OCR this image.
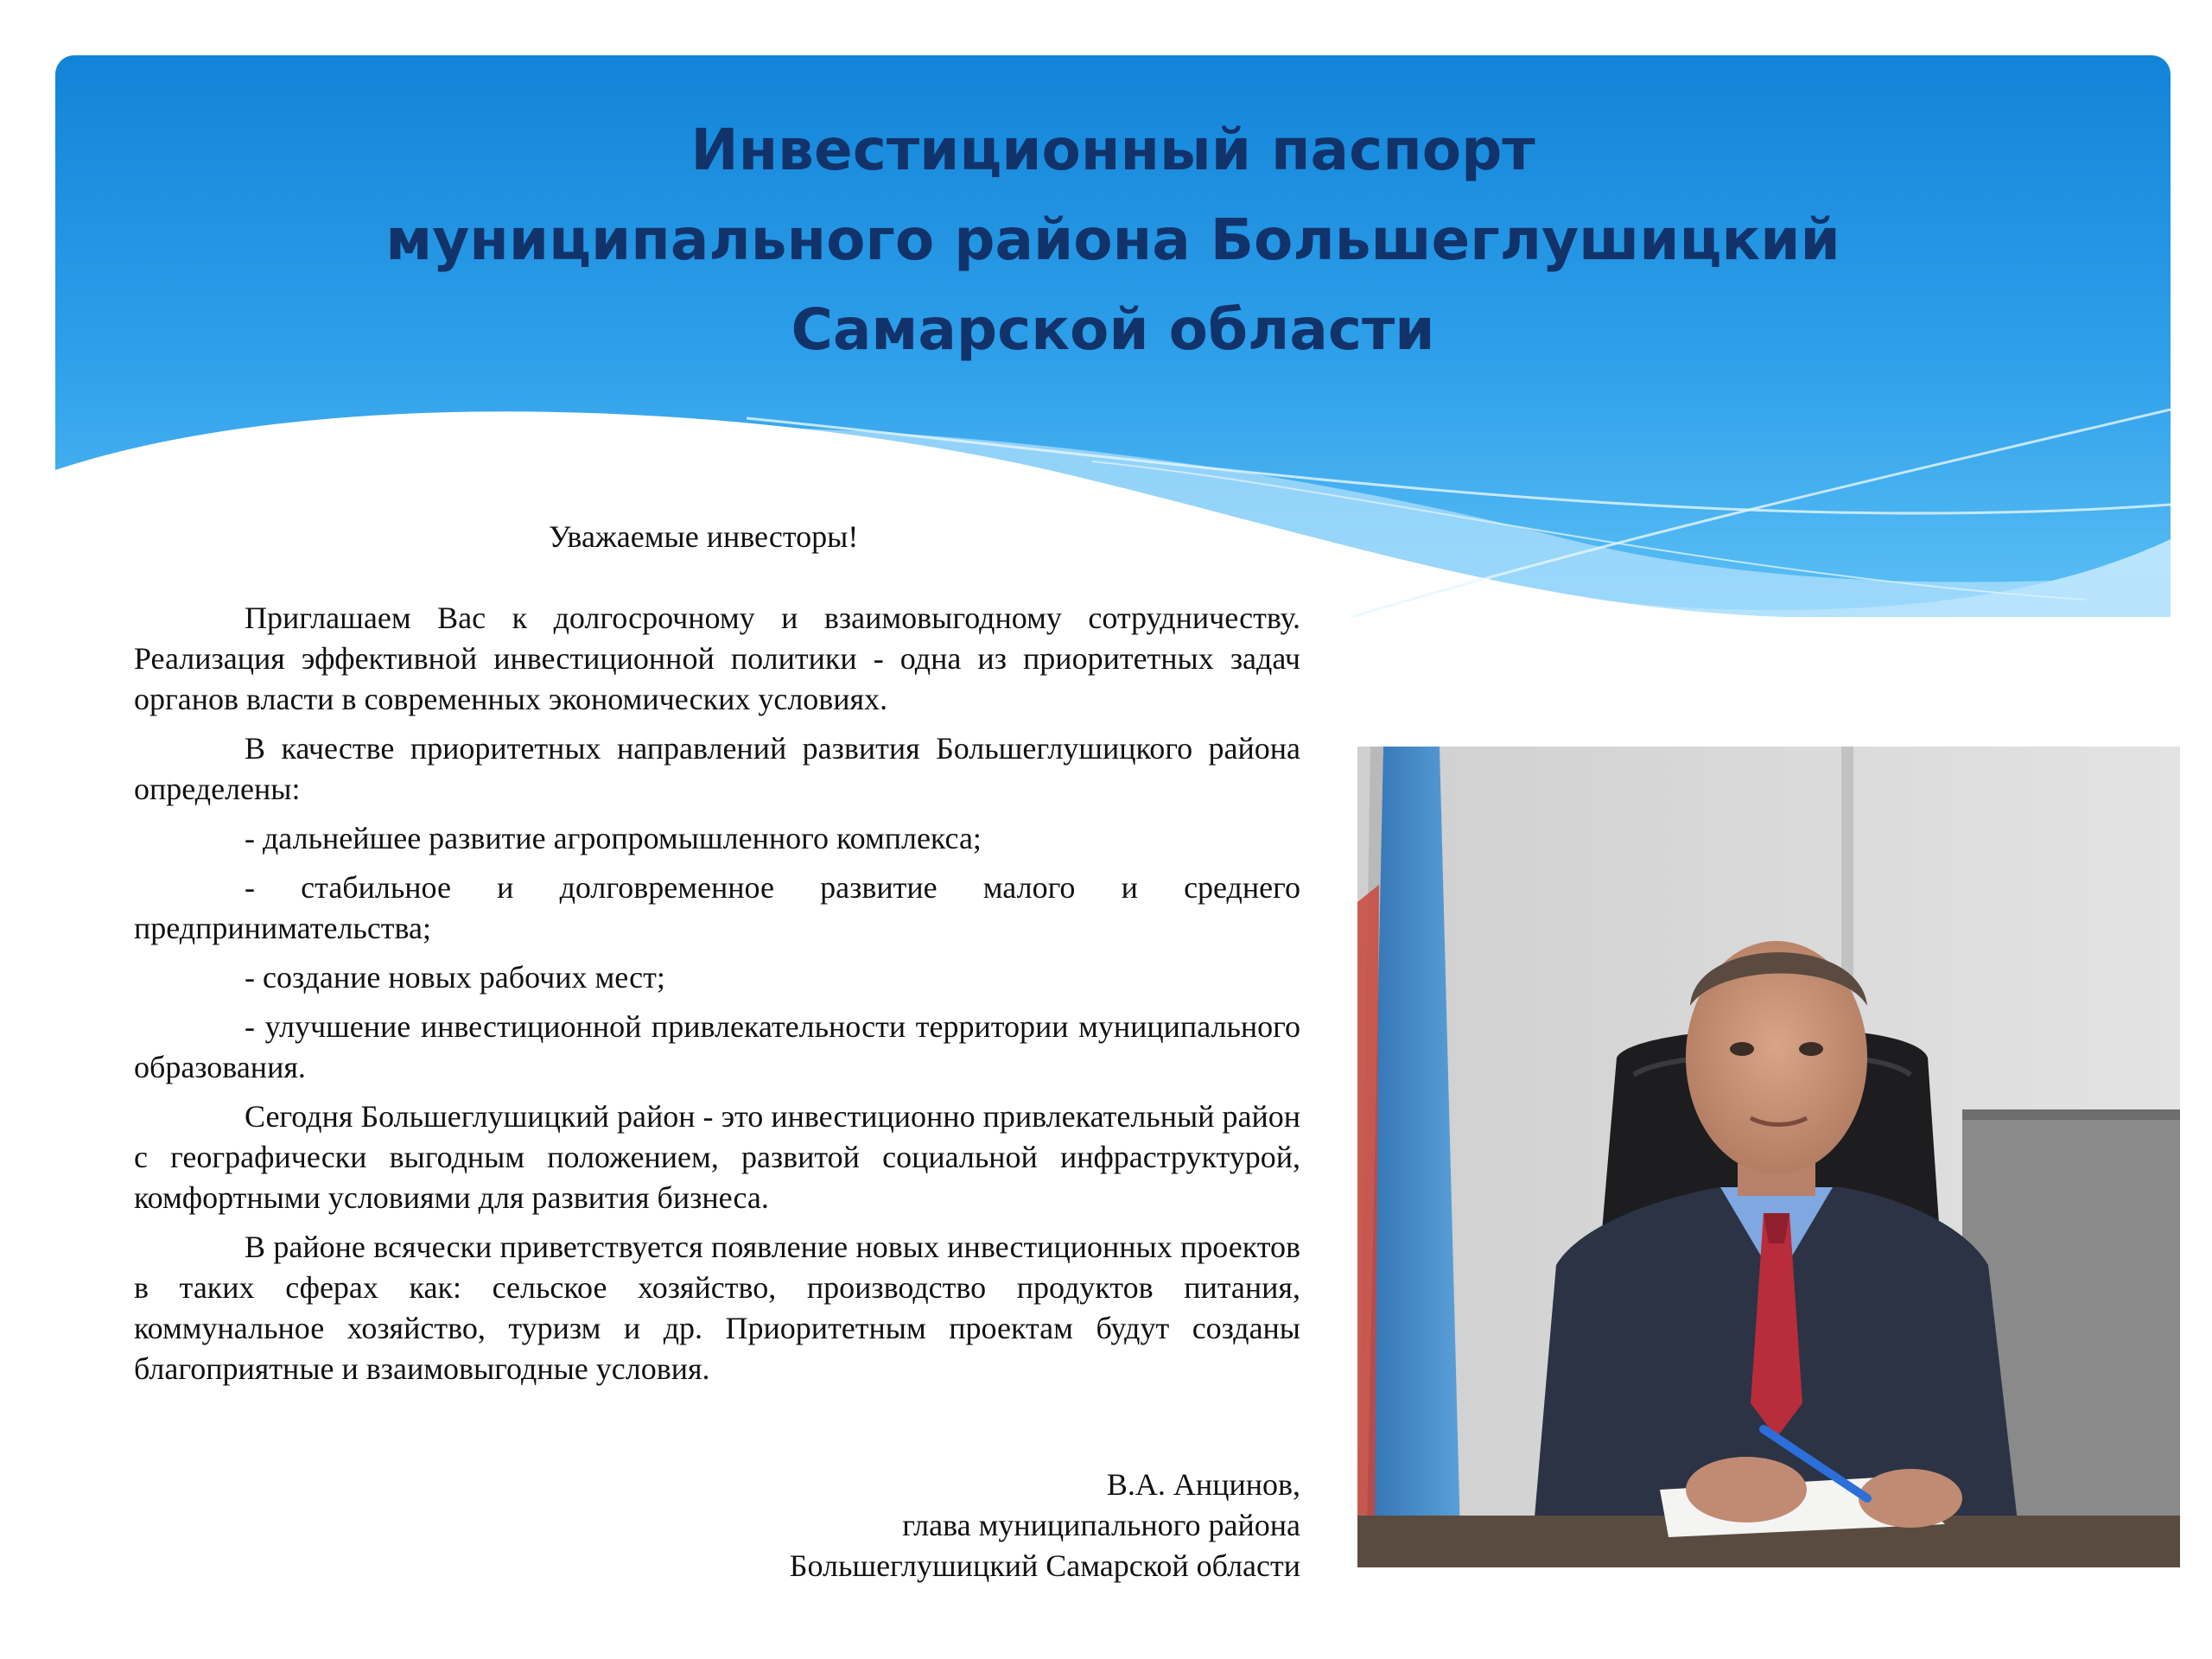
Инвестиционный паспорт
муниципального района Большеглушицкий
Самарской области

Уважаемые инвесторы!

Приглашаем Вас к долгосрочному и взаимовыгодному сотрудничеству. Реализация эффективной инвестиционной политики - одна из приоритетных задач органов власти в современных экономических условиях.

В качестве приоритетных направлений развития Большеглушицкого района определены:

- дальнейшее развитие агропромышленного комплекса;

- стабильное и долговременное развитие малого и среднего предпринимательства;

- создание новых рабочих мест;

- улучшение инвестиционной привлекательности территории муниципального образования.

Сегодня Большеглушицкий район - это инвестиционно привлекательный район с географически выгодным положением, развитой социальной инфраструктурой, комфортными условиями для развития бизнеса.

В районе всячески приветствуется появление новых инвестиционных проектов в таких сферах как: сельское хозяйство, производство продуктов питания, коммунальное хозяйство, туризм и др. Приоритетным проектам будут созданы благоприятные и взаимовыгодные условия.

В.А. Анцинов,

глава муниципального района

Большеглушицкий Самарской области
